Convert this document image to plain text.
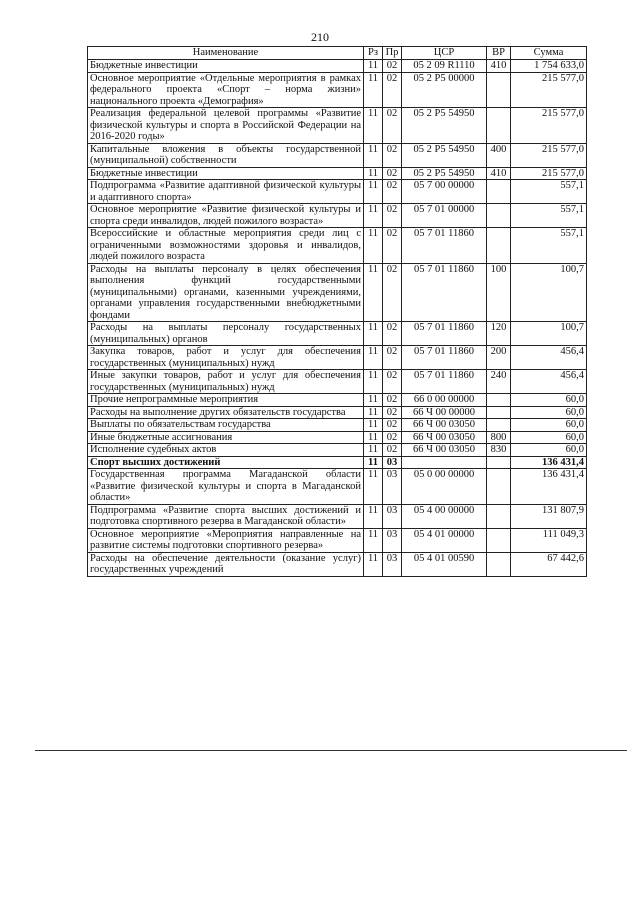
210
Наименование	Рз	Пр	ЦСР	ВР	Сумма
Бюджетные инвестиции	11	02	05 2 09 R1110	410	1 754 633,0
Основное мероприятие «Отдельные мероприятия в рамках федерального проекта «Спорт – норма жизни» национального проекта «Демография»	11	02	05 2 P5 00000		215 577,0
Реализация федеральной целевой программы «Развитие физической культуры и спорта в Российской Федерации на 2016-2020 годы»	11	02	05 2 P5 54950		215 577,0
Капитальные вложения в объекты государственной (муниципальной) собственности	11	02	05 2 P5 54950	400	215 577,0
Бюджетные инвестиции	11	02	05 2 P5 54950	410	215 577,0
Подпрограмма «Развитие адаптивной физической культуры и адаптивного спорта»	11	02	05 7 00 00000		557,1
Основное мероприятие «Развитие физической культуры и спорта среди инвалидов, людей пожилого возраста»	11	02	05 7 01 00000		557,1
Всероссийские и областные мероприятия среди лиц с ограниченными возможностями здоровья и инвалидов, людей пожилого возраста	11	02	05 7 01 11860		557,1
Расходы на выплаты персоналу в целях обеспечения выполнения функций государственными (муниципальными) органами, казенными учреждениями, органами управления государственными внебюджетными фондами	11	02	05 7 01 11860	100	100,7
Расходы на выплаты персоналу государственных (муниципальных) органов	11	02	05 7 01 11860	120	100,7
Закупка товаров, работ и услуг для обеспечения государственных (муниципальных) нужд	11	02	05 7 01 11860	200	456,4
Иные закупки товаров, работ и услуг для обеспечения государственных (муниципальных) нужд	11	02	05 7 01 11860	240	456,4
Прочие непрограммные мероприятия	11	02	66 0 00 00000		60,0
Расходы на выполнение других обязательств государства	11	02	66 Ч 00 00000		60,0
Выплаты по обязательствам государства	11	02	66 Ч 00 03050		60,0
Иные бюджетные ассигнования	11	02	66 Ч 00 03050	800	60,0
Исполнение судебных актов	11	02	66 Ч 00 03050	830	60,0
Спорт высших достижений	11	03			136 431,4
Государственная программа Магаданской области «Развитие физической культуры и спорта в Магаданской области»	11	03	05 0 00 00000		136 431,4
Подпрограмма «Развитие спорта высших достижений и подготовка спортивного резерва в Магаданской области»	11	03	05 4 00 00000		131 807,9
Основное мероприятие «Мероприятия направленные на развитие системы подготовки спортивного резерва»	11	03	05 4 01 00000		111 049,3
Расходы на обеспечение деятельности (оказание услуг) государственных учреждений	11	03	05 4 01 00590		67 442,6
